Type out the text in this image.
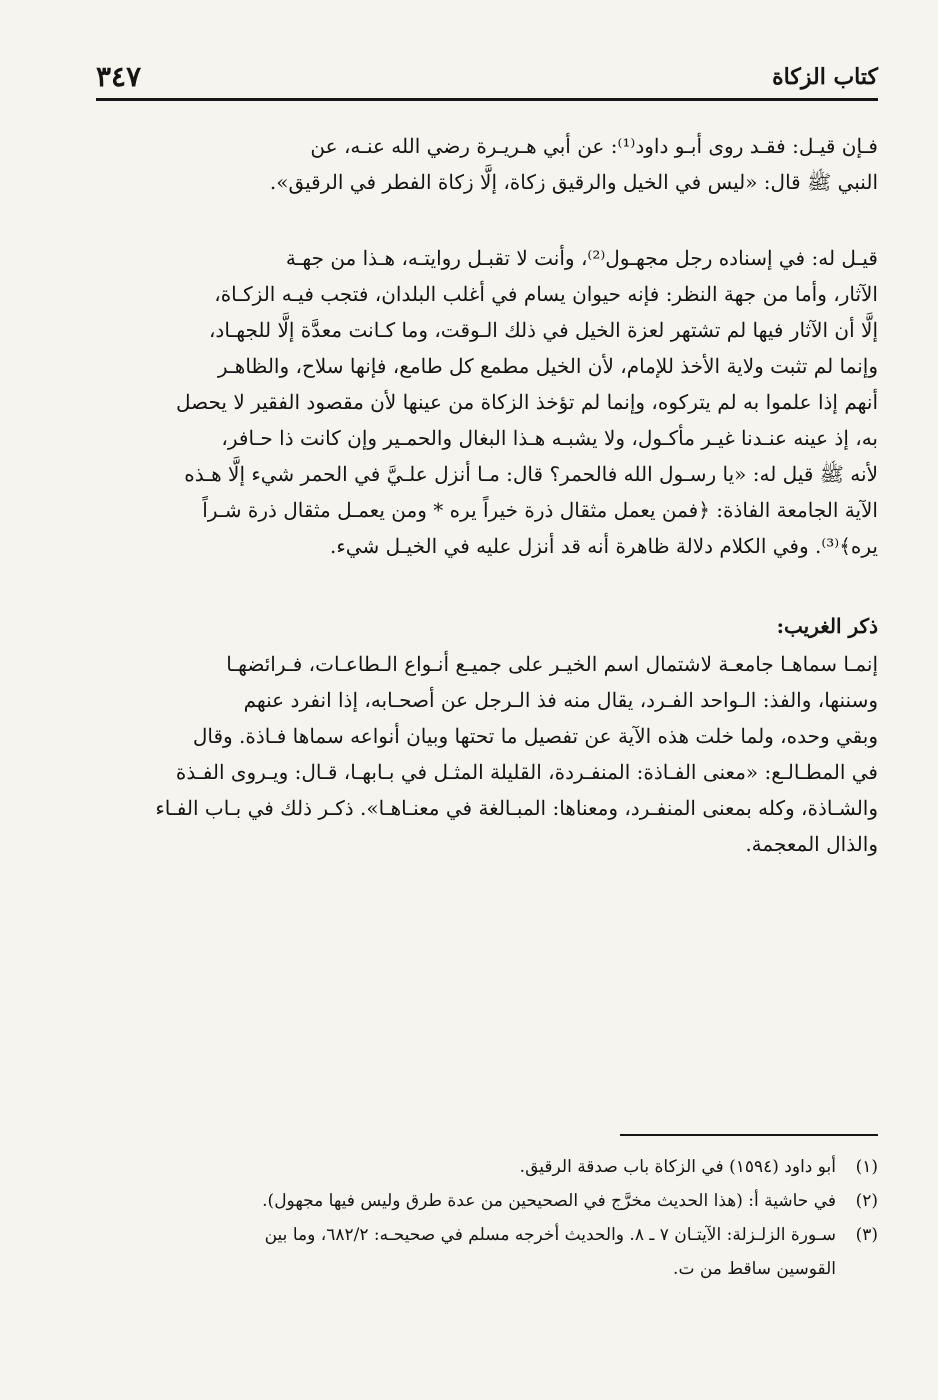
كتاب الزكاة
٣٤٧

فـإن قيـل: فقـد روى أبـو داود⁽¹⁾: عن أبي هـريـرة رضي الله عنـه، عن
النبي ﷺ قال: «ليس في الخيل والرقيق زكاة، إلَّا زكاة الفطر في الرقيق».

قيـل له: في إسناده رجل مجهـول⁽²⁾، وأنت لا تقبـل روايتـه، هـذا من جهـة
الآثار، وأما من جهة النظر: فإنه حيوان يسام في أغلب البلدان، فتجب فيـه الزكـاة،
إلَّا أن الآثار فيها لم تشتهر لعزة الخيل في ذلك الـوقت، وما كـانت معدَّة إلَّا للجهـاد،
وإنما لم تثبت ولاية الأخذ للإمام، لأن الخيل مطمع كل طامع، فإنها سلاح، والظاهـر
أنهم إذا علموا به لم يتركوه، وإنما لم تؤخذ الزكاة من عينها لأن مقصود الفقير لا يحصل
به، إذ عينه عنـدنا غيـر مأكـول، ولا يشبـه هـذا البغال والحمـير وإن كانت ذا حـافر،
لأنه ﷺ قيل له: «يا رسـول الله فالحمر؟ قال: مـا أنزل علـيَّ في الحمر شيء إلَّا هـذه
الآية الجامعة الفاذة: ﴿فمن يعمل مثقال ذرة خيراً يره * ومن يعمـل مثقال ذرة شـراً
يره﴾⁽³⁾. وفي الكلام دلالة ظاهرة أنه قد أنزل عليه في الخيـل شيء.

ذكر الغريب:

إنمـا سماهـا جامعـة لاشتمال اسم الخيـر على جميـع أنـواع الـطاعـات، فـرائضهـا
وسننها، والفذ: الـواحد الفـرد، يقال منه فذ الـرجل عن أصحـابه، إذا انفرد عنهم
وبقي وحده، ولما خلت هذه الآية عن تفصيل ما تحتها وبيان أنواعه سماها فـاذة. وقال
في المطـالـع: «معنى الفـاذة: المنفـردة، القليلة المثـل في بـابهـا، قـال: ويـروى الفـذة
والشـاذة، وكله بمعنى المنفـرد، ومعناها: المبـالغة في معنـاهـا». ذكـر ذلك في بـاب الفـاء
والذال المعجمة.

(١)
أبو داود (١٥٩٤) في الزكاة باب صدقة الرقيق.
(٢)
في حاشية أ: (هذا الحديث مخرَّج في الصحيحين من عدة طرق وليس فيها مجهول).
(٣)
سـورة الزلـزلة: الآيتـان ٧ ـ ٨. والحديث أخرجه مسلم في صحيحـه: ٦٨٢/٢، وما بين
القوسين ساقط من ت.
